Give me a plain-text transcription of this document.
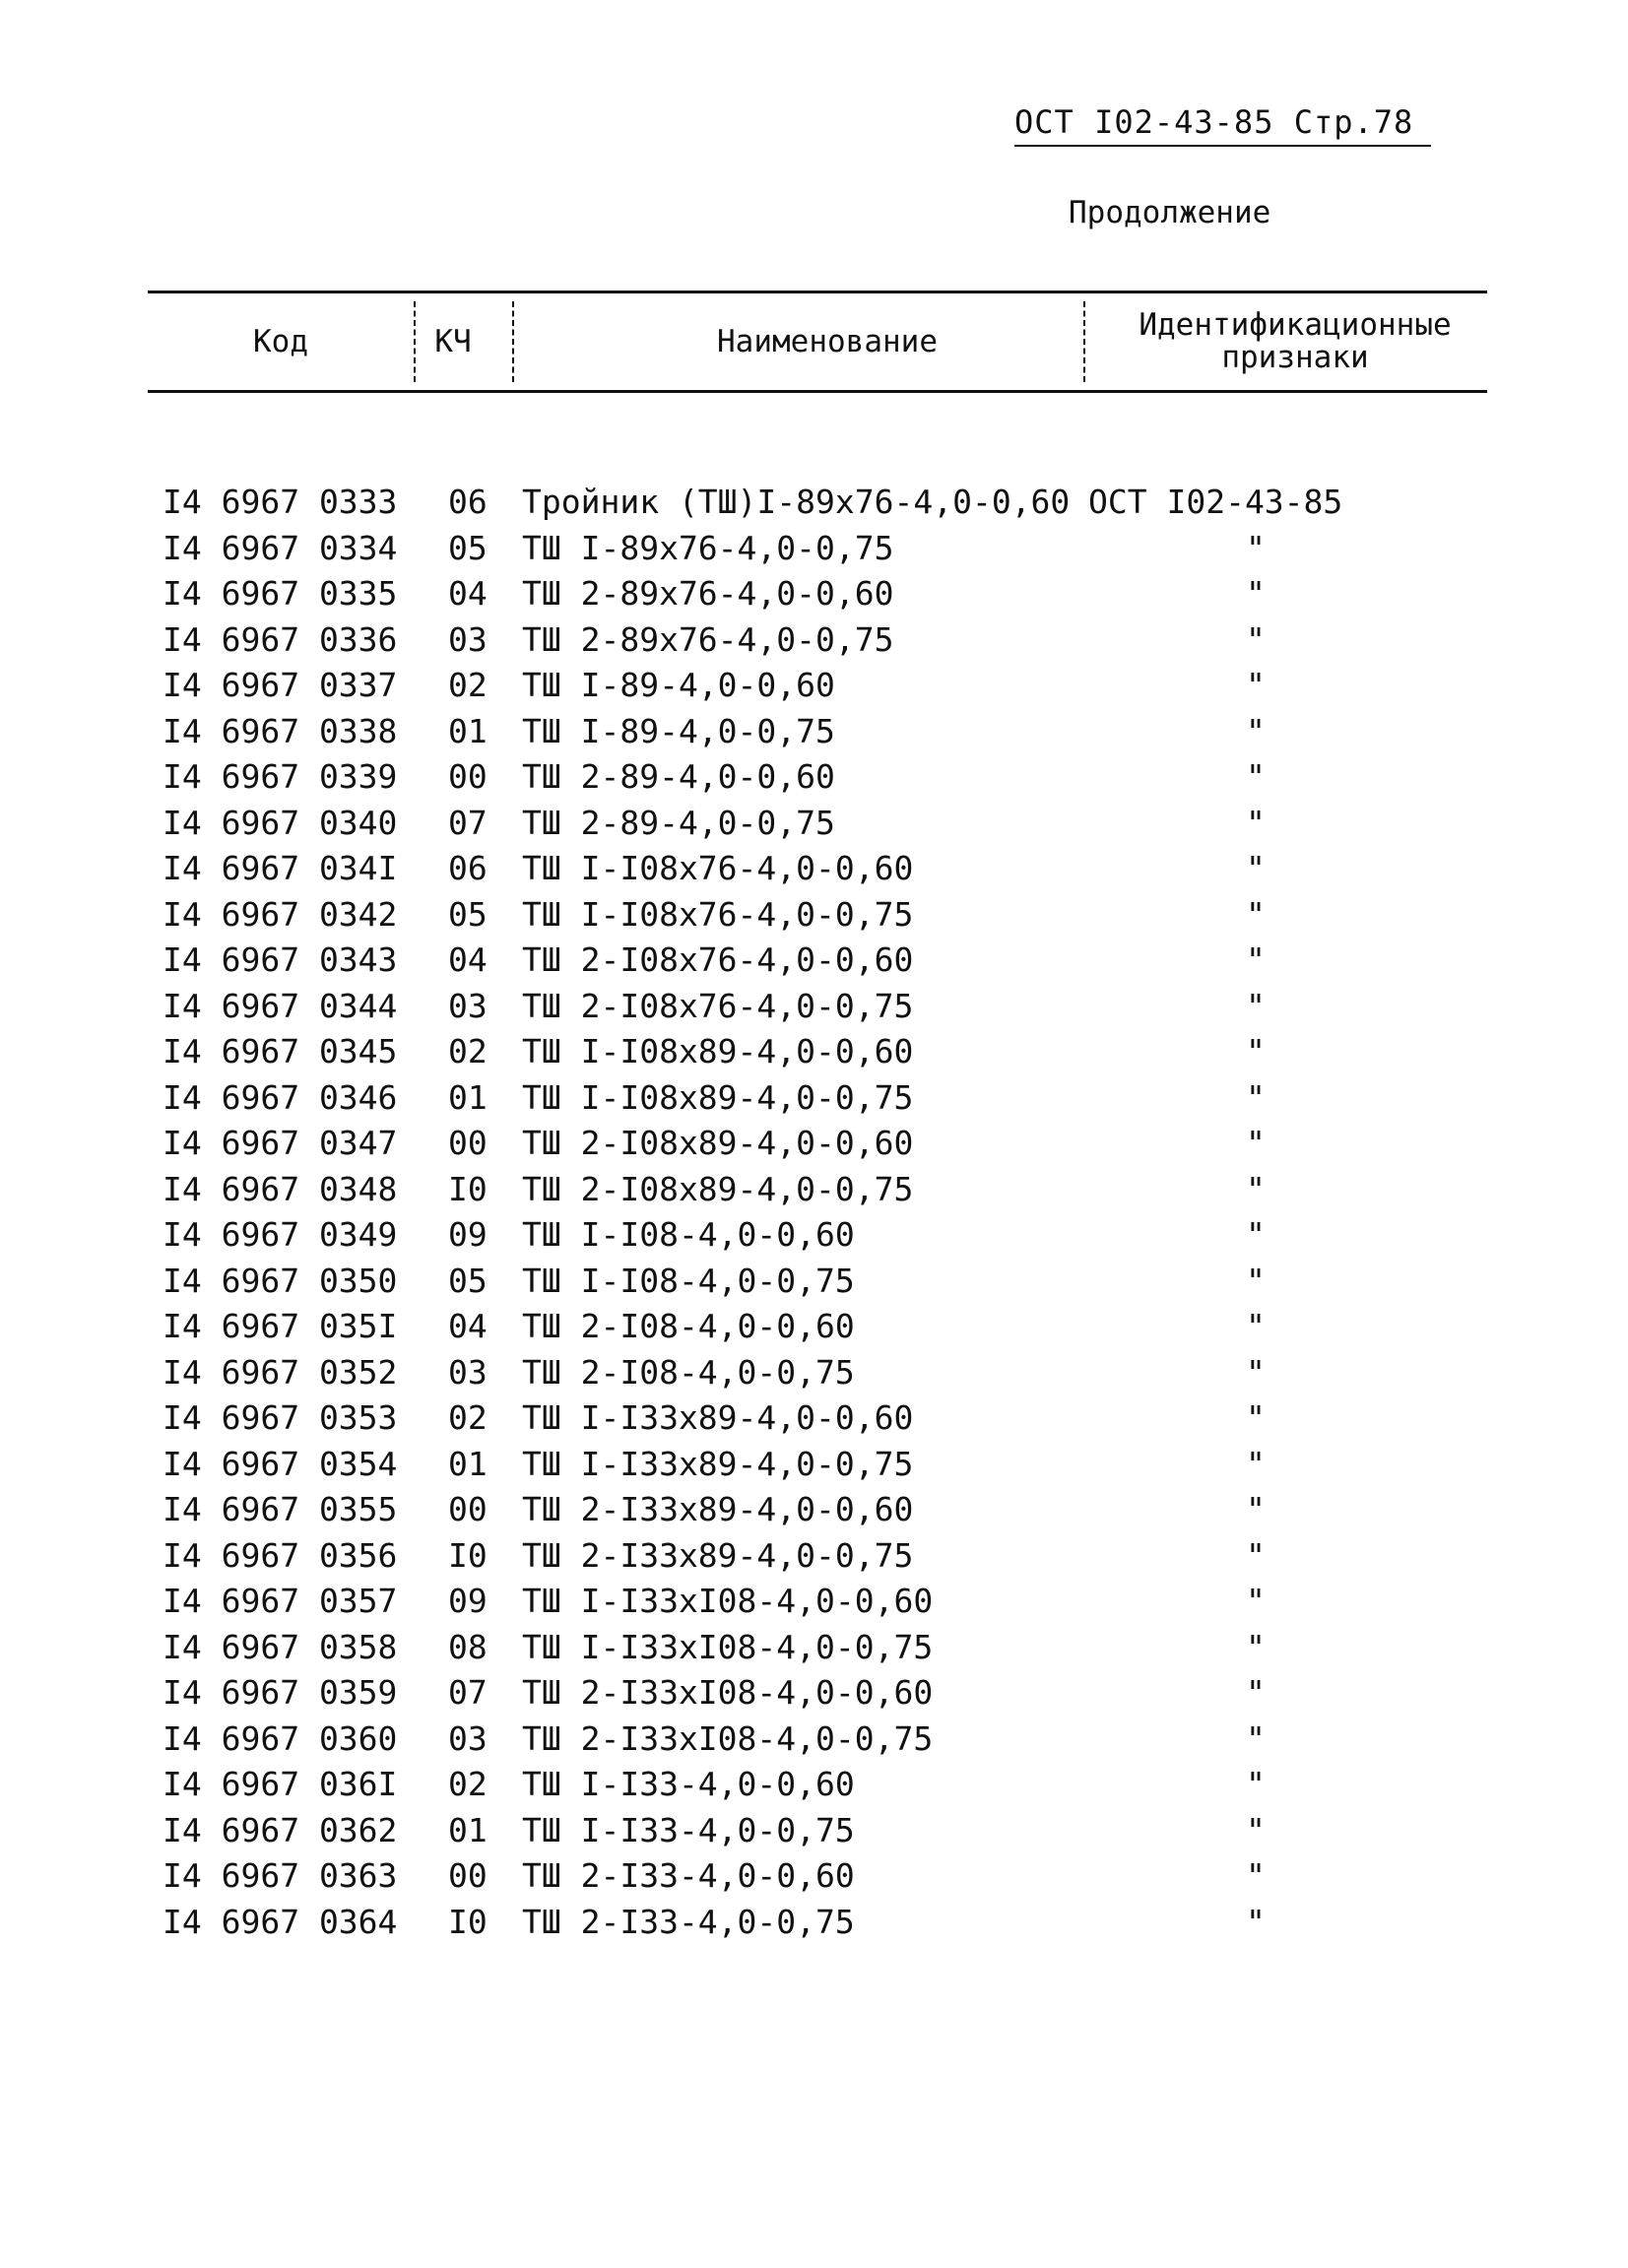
ОСТ I02-43-85 Стр.78
Продолжение
Код	КЧ	Наименование	Идентификационные признаки
I4 6967 0333 06 Тройник (ТШ)I-89x76-4,0-0,60 ОСТ I02-43-85
I4 6967 0334 05 ТШ I-89x76-4,0-0,75	"
I4 6967 0335 04 ТШ 2-89x76-4,0-0,60	"
I4 6967 0336 03 ТШ 2-89x76-4,0-0,75	"
I4 6967 0337 02 ТШ I-89-4,0-0,60	"
I4 6967 0338 01 ТШ I-89-4,0-0,75	"
I4 6967 0339 00 ТШ 2-89-4,0-0,60	"
I4 6967 0340 07 ТШ 2-89-4,0-0,75	"
I4 6967 034I 06 ТШ I-I08x76-4,0-0,60	"
I4 6967 0342 05 ТШ I-I08x76-4,0-0,75	"
I4 6967 0343 04 ТШ 2-I08x76-4,0-0,60	"
I4 6967 0344 03 ТШ 2-I08x76-4,0-0,75	"
I4 6967 0345 02 ТШ I-I08x89-4,0-0,60	"
I4 6967 0346 01 ТШ I-I08x89-4,0-0,75	"
I4 6967 0347 00 ТШ 2-I08x89-4,0-0,60	"
I4 6967 0348 I0 ТШ 2-I08x89-4,0-0,75	"
I4 6967 0349 09 ТШ I-I08-4,0-0,60	"
I4 6967 0350 05 ТШ I-I08-4,0-0,75	"
I4 6967 035I 04 ТШ 2-I08-4,0-0,60	"
I4 6967 0352 03 ТШ 2-I08-4,0-0,75	"
I4 6967 0353 02 ТШ I-I33x89-4,0-0,60	"
I4 6967 0354 01 ТШ I-I33x89-4,0-0,75	"
I4 6967 0355 00 ТШ 2-I33x89-4,0-0,60	"
I4 6967 0356 I0 ТШ 2-I33x89-4,0-0,75	"
I4 6967 0357 09 ТШ I-I33xI08-4,0-0,60	"
I4 6967 0358 08 ТШ I-I33xI08-4,0-0,75	"
I4 6967 0359 07 ТШ 2-I33xI08-4,0-0,60	"
I4 6967 0360 03 ТШ 2-I33xI08-4,0-0,75	"
I4 6967 036I 02 ТШ I-I33-4,0-0,60	"
I4 6967 0362 01 ТШ I-I33-4,0-0,75	"
I4 6967 0363 00 ТШ 2-I33-4,0-0,60	"
I4 6967 0364 I0 ТШ 2-I33-4,0-0,75	"
